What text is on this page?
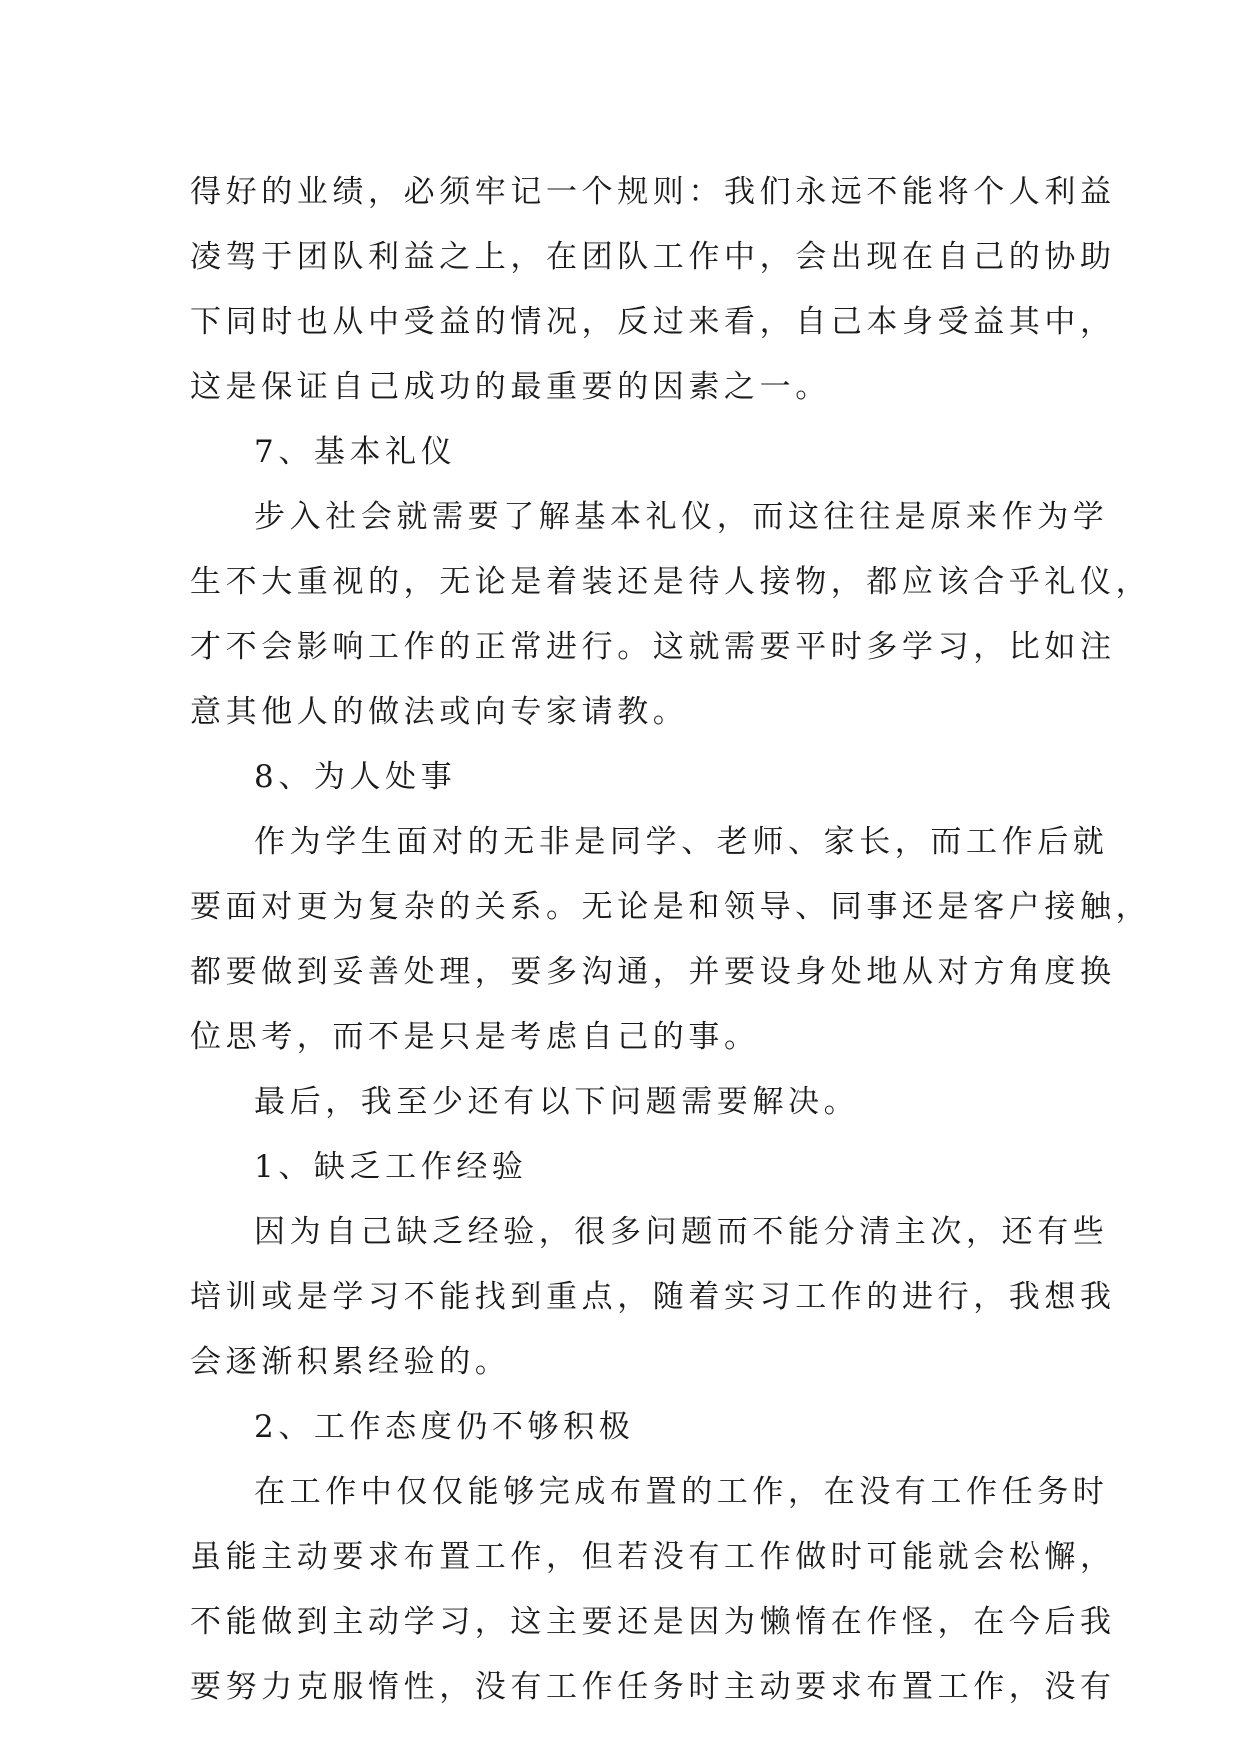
得好的业绩，必须牢记一个规则：我们永远不能将个人利益
凌驾于团队利益之上，在团队工作中，会出现在自己的协助
下同时也从中受益的情况，反过来看，自己本身受益其中，
这是保证自己成功的最重要的因素之一。
7、基本礼仪
步入社会就需要了解基本礼仪，而这往往是原来作为学
生不大重视的，无论是着装还是待人接物，都应该合乎礼仪，
才不会影响工作的正常进行。这就需要平时多学习，比如注
意其他人的做法或向专家请教。
8、为人处事
作为学生面对的无非是同学、老师、家长，而工作后就
要面对更为复杂的关系。无论是和领导、同事还是客户接触，
都要做到妥善处理，要多沟通，并要设身处地从对方角度换
位思考，而不是只是考虑自己的事。
最后，我至少还有以下问题需要解决。
1、缺乏工作经验
因为自己缺乏经验，很多问题而不能分清主次，还有些
培训或是学习不能找到重点，随着实习工作的进行，我想我
会逐渐积累经验的。
2、工作态度仍不够积极
在工作中仅仅能够完成布置的工作，在没有工作任务时
虽能主动要求布置工作，但若没有工作做时可能就会松懈，
不能做到主动学习，这主要还是因为懒惰在作怪，在今后我
要努力克服惰性，没有工作任务时主动要求布置工作，没有
